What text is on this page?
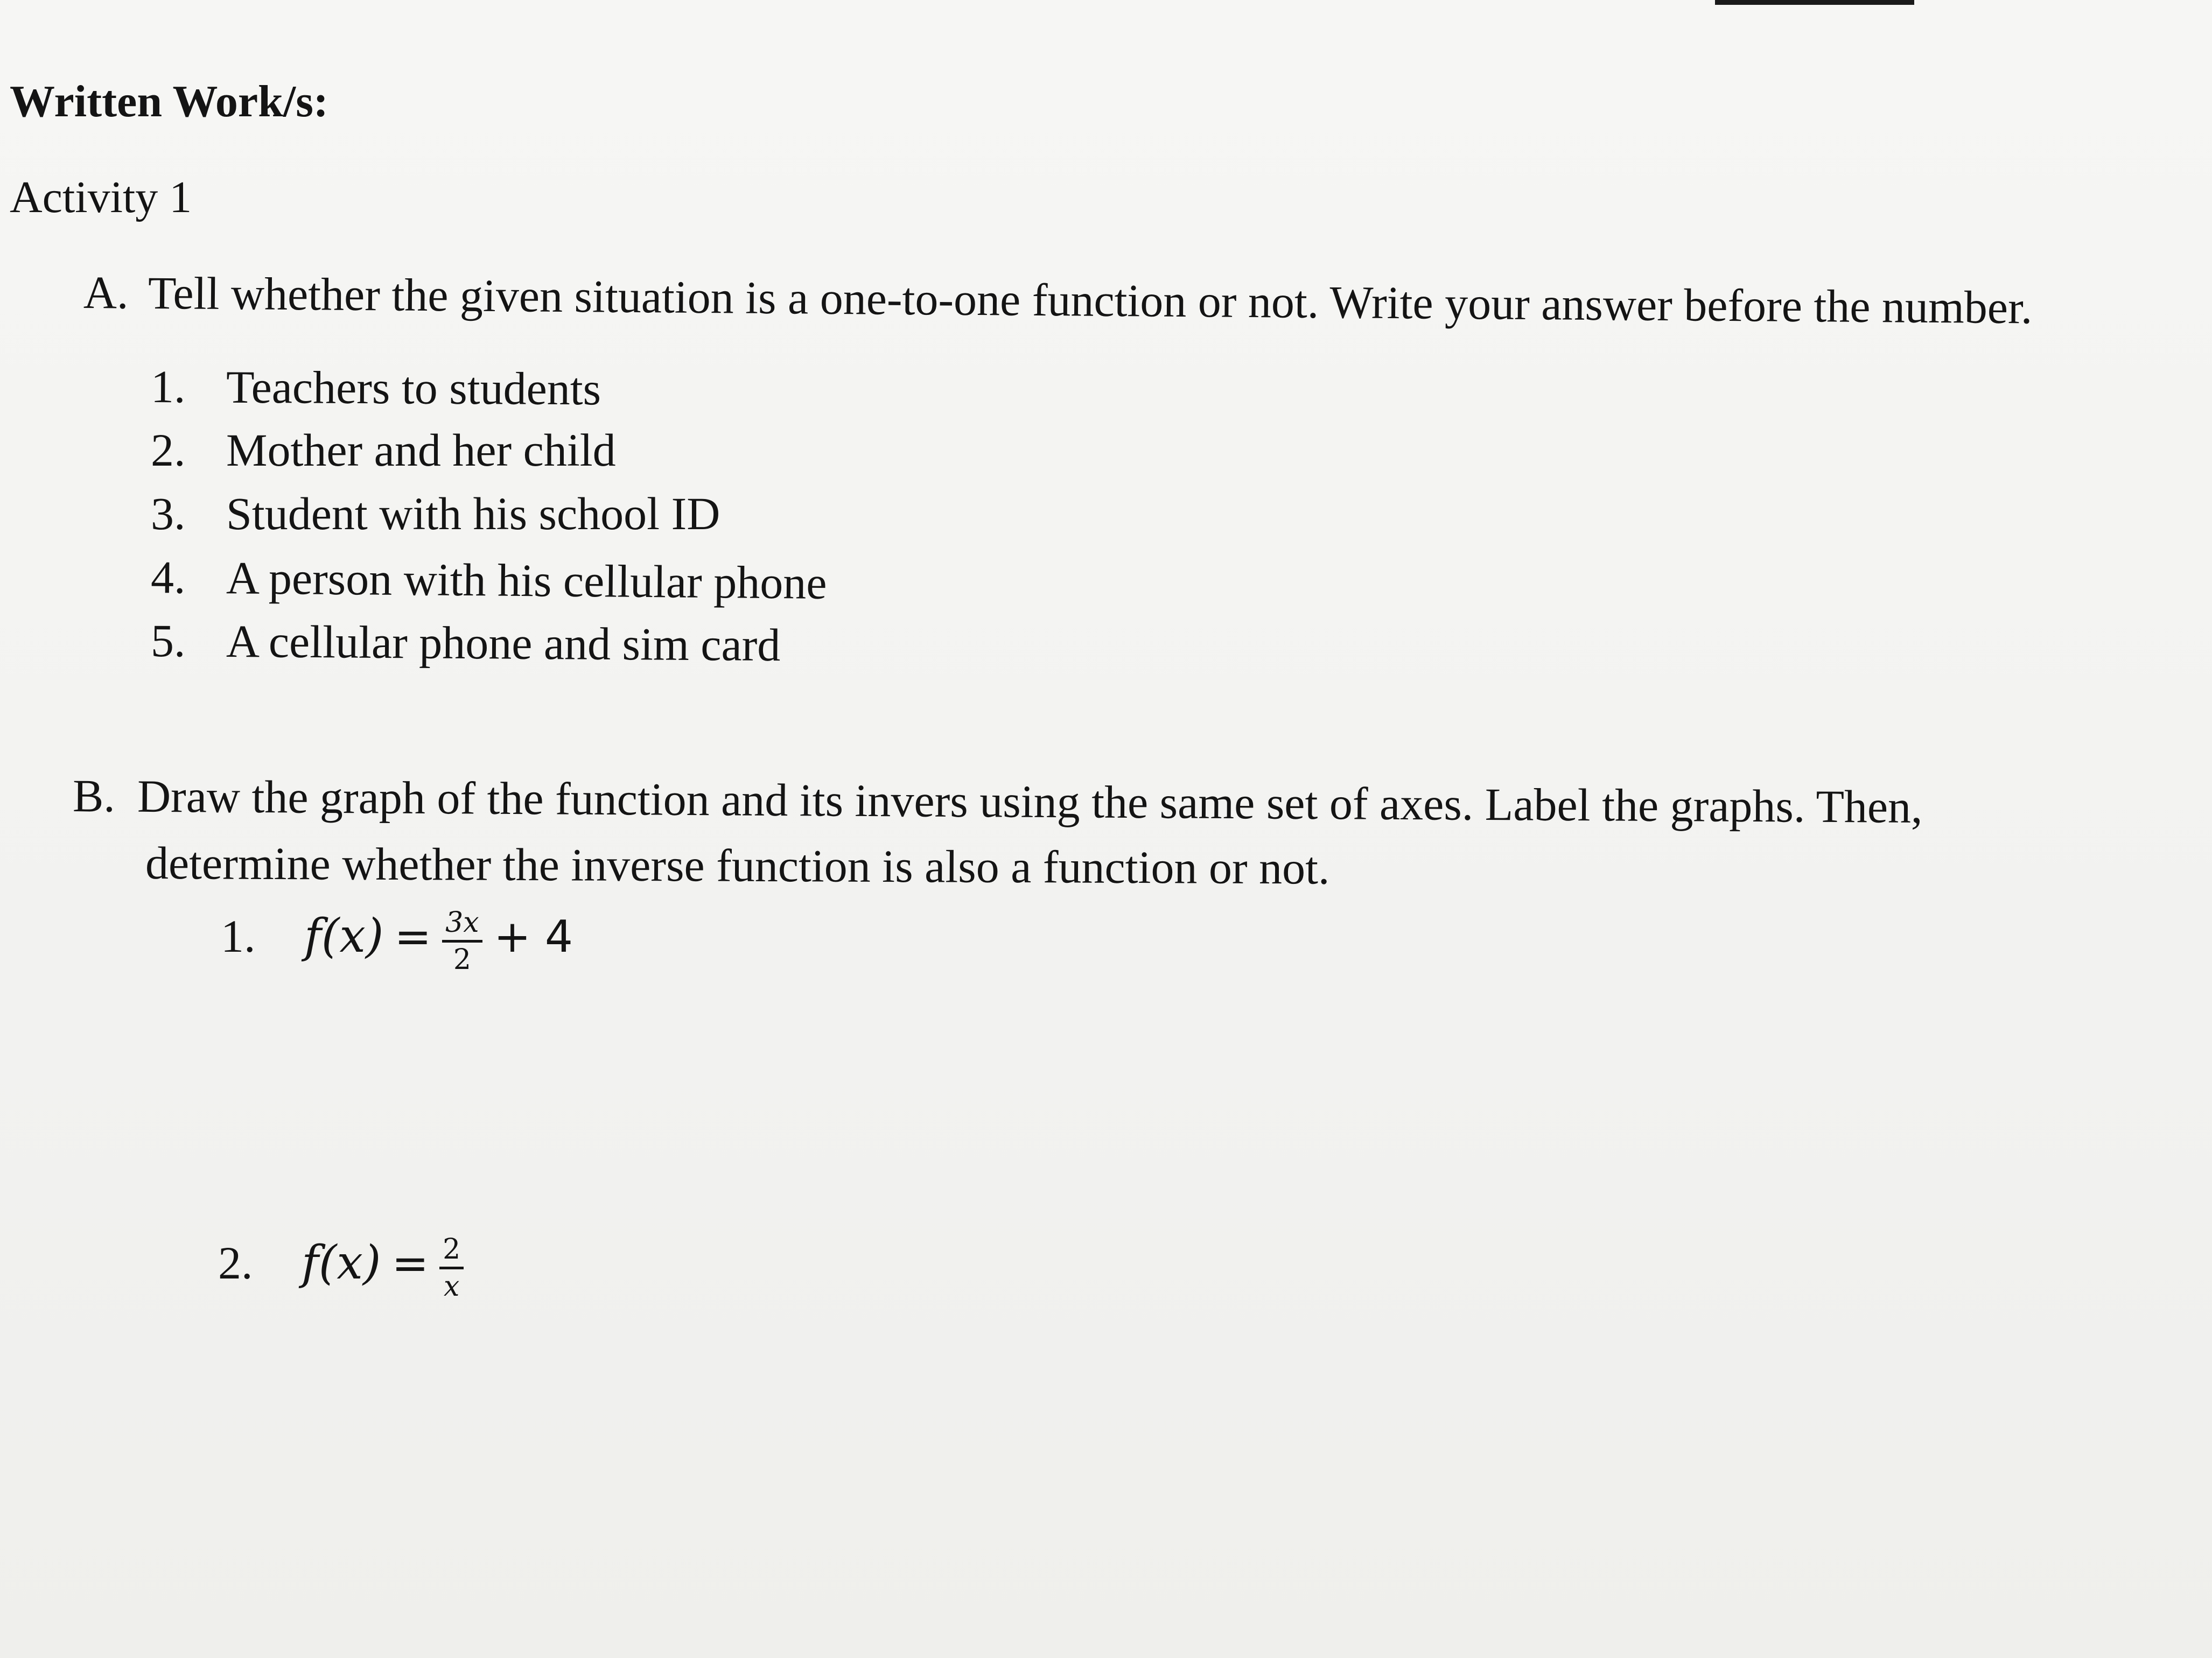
Written Work/s:
Activity 1
A. Tell whether the given situation is a one-to-one function or not. Write your answer before the number.
1. Teachers to students
2. Mother and her child
3. Student with his school ID
4. A person with his cellular phone
5. A cellular phone and sim card
B. Draw the graph of the function and its invers using the same set of axes. Label the graphs. Then,
determine whether the inverse function is also a function or not.
1. $f(x) = \frac{3x}{2} + 4$
2. $f(x) = \frac{2}{x}$
